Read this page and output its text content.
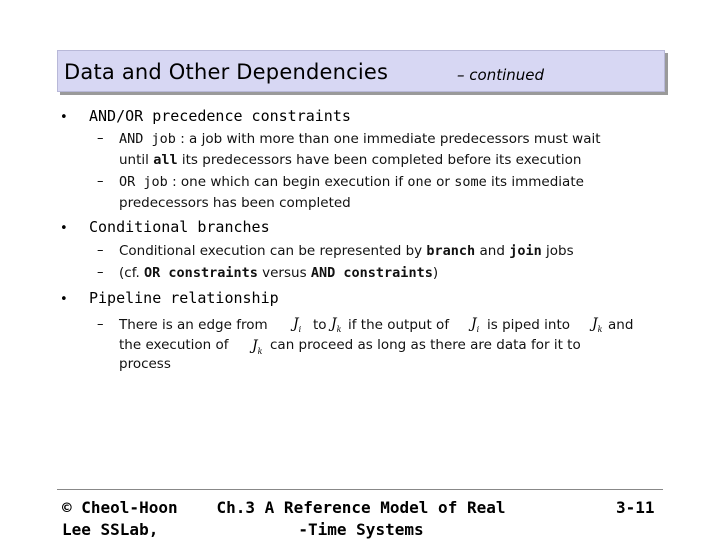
Data and Other Dependencies	– continued
• AND/OR precedence constraints
– AND job : a job with more than one immediate predecessors must wait
until all its predecessors have been completed before its execution
– OR job : one which can begin execution if one or some its immediate
predecessors has been completed
• Conditional branches
– Conditional execution can be represented by branch and join jobs
– (cf. OR constraints versus AND constraints)
• Pipeline relationship
– There is an edge from $J_i$ to $J_k$ if the output of $J_i$ is piped into $J_k$ and
the execution of $J_k$ can proceed as long as there are data for it to
process
© Cheol-Hoon
Lee SSLab,
Ch.3 A Reference Model of Real
-Time Systems
3-11
